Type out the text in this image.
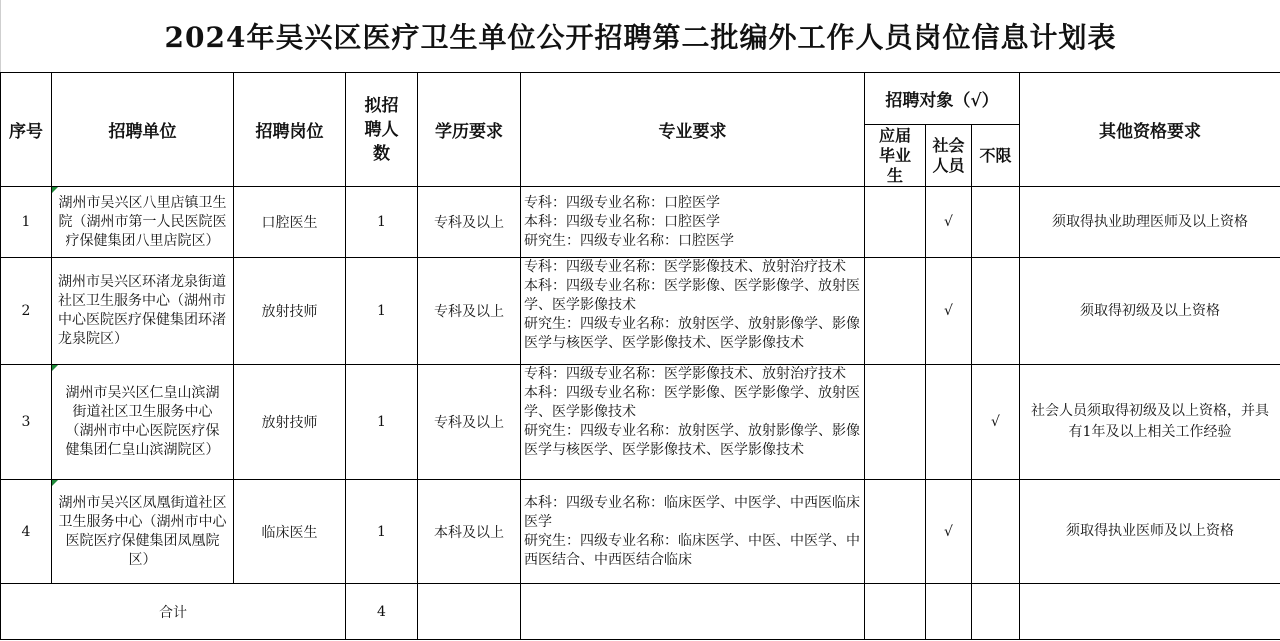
2024年吴兴区医疗卫生单位公开招聘第二批编外工作人员岗位信息计划表
序号	招聘单位	招聘岗位	拟招聘人数	学历要求	专业要求	招聘对象（√）			其他资格要求

						应届毕业生	社会人员	不限	
1	湖州市吴兴区八里店镇卫生院（湖州市第一人民医院医疗保健集团八里店院区）	口腔医生	1	专科及以上	专科：四级专业名称：口腔医学
本科：四级专业名称：口腔医学
研究生：四级专业名称：口腔医学		√		须取得执业助理医师及以上资格
2	湖州市吴兴区环渚龙泉街道社区卫生服务中心（湖州市中心医院医疗保健集团环渚龙泉院区）	放射技师	1	专科及以上	专科：四级专业名称：医学影像技术、放射治疗技术
本科：四级专业名称：医学影像、医学影像学、放射医学、医学影像技术
研究生：四级专业名称：放射医学、放射影像学、影像医学与核医学、医学影像技术、医学影像技术		√		须取得初级及以上资格
3	湖州市吴兴区仁皇山滨湖街道社区卫生服务中心（湖州市中心医院医疗保健集团仁皇山滨湖院区）	放射技师	1	专科及以上	专科：四级专业名称：医学影像技术、放射治疗技术
本科：四级专业名称：医学影像、医学影像学、放射医学、医学影像技术
研究生：四级专业名称：放射医学、放射影像学、影像医学与核医学、医学影像技术、医学影像技术			√	社会人员须取得初级及以上资格，并具有1年及以上相关工作经验
4	湖州市吴兴区凤凰街道社区卫生服务中心（湖州市中心医院医疗保健集团凤凰院区）	临床医生	1	本科及以上	本科：四级专业名称：临床医学、中医学、中西医临床医学
研究生：四级专业名称：临床医学、中医、中医学、中西医结合、中西医结合临床		√		须取得执业医师及以上资格
合计			4						
